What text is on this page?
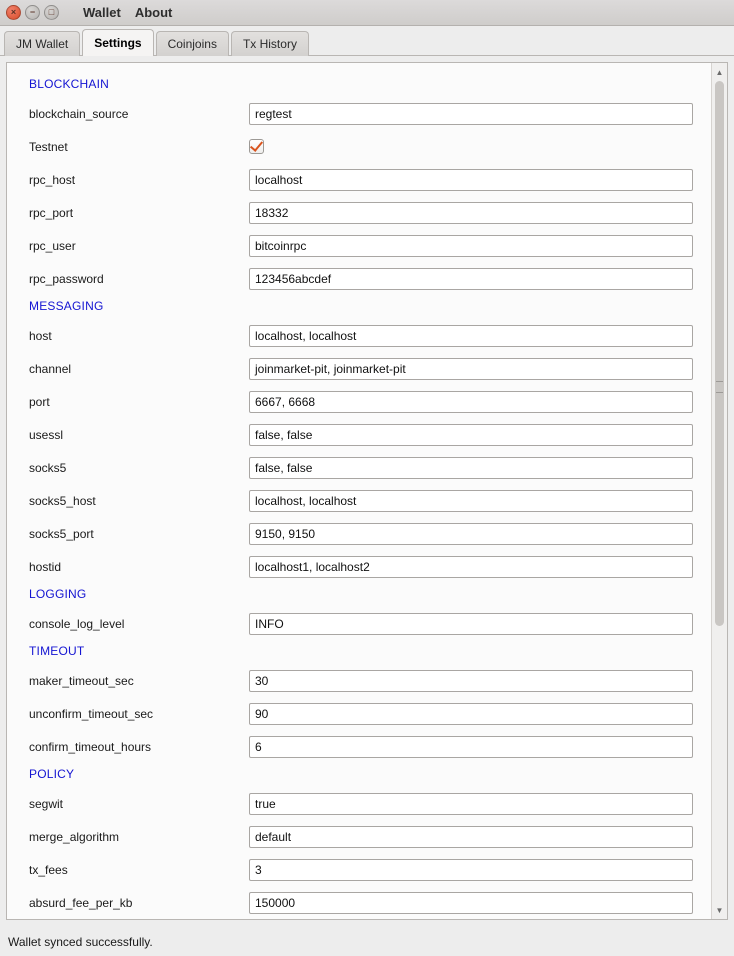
×	−	□ Wallet About
JM Wallet	Settings	Coinjoins	Tx History
BLOCKCHAIN
blockchain_source	regtest
Testnet
rpc_host	localhost
rpc_port	18332
rpc_user	bitcoinrpc
rpc_password	123456abcdef
MESSAGING
host	localhost, localhost
channel	joinmarket-pit, joinmarket-pit
port	6667, 6668
usessl	false, false
socks5	false, false
socks5_host	localhost, localhost
socks5_port	9150, 9150
hostid	localhost1, localhost2
LOGGING
console_log_level	INFO
TIMEOUT
maker_timeout_sec	30
unconfirm_timeout_sec	90
confirm_timeout_hours	6
POLICY
segwit	true
merge_algorithm	default
tx_fees	3
absurd_fee_per_kb	150000
▲
▼
Wallet synced successfully.
